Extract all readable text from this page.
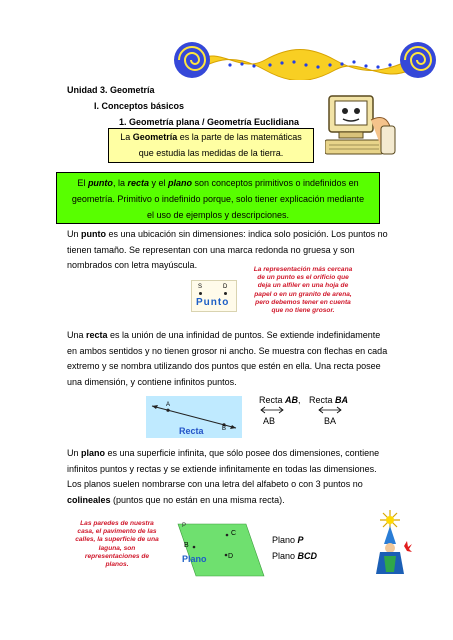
Unidad 3. Geometría
I. Conceptos básicos
1. Geometría plana / Geometría Euclidiana
La Geometría es la parte de las matemáticas
que estudia las medidas de la tierra.
El punto, la recta y el plano son conceptos primitivos o indefinidos en
geometría. Primitivo o indefinido porque, solo tiener explicación mediante
el uso de ejemplos y descripciones.
Un punto es una ubicación sin dimensiones: indica solo posición. Los puntos no
tienen tamaño. Se representan con una marca redonda no gruesa y son
nombrados con letra mayúscula.
S	D
Punto
La representación más cercana
de un punto es el orificio que
deja un alfiler en una hoja de
papel o en un granito de arena,
pero debemos tener en cuenta
que no tiene grosor.
Una recta es la unión de una infinidad de puntos. Se extiende indefinidamente
en ambos sentidos y no tienen grosor ni ancho. Se muestra con flechas en cada
extremo y se nombra utilizando dos puntos que estén en ella. Una recta posee
una dimensión, y contiene infinitos puntos.
A
B
Recta
Recta AB, Recta BA
AB	BA
Un plano es una superficie infinita, que sólo posee dos dimensiones, contiene
infinitos puntos y rectas y se extiende infinitamente en todas las dimensiones.
Los planos suelen nombrarse con una letra del alfabeto o con 3 puntos no
colineales (puntos que no están en una misma recta).
Las paredes de nuestra
casa, el pavimento de las
calles, la superficie de una
laguna, son
representaciones de
planos.
P
C
B
D
Plano
Plano P
Plano BCD
